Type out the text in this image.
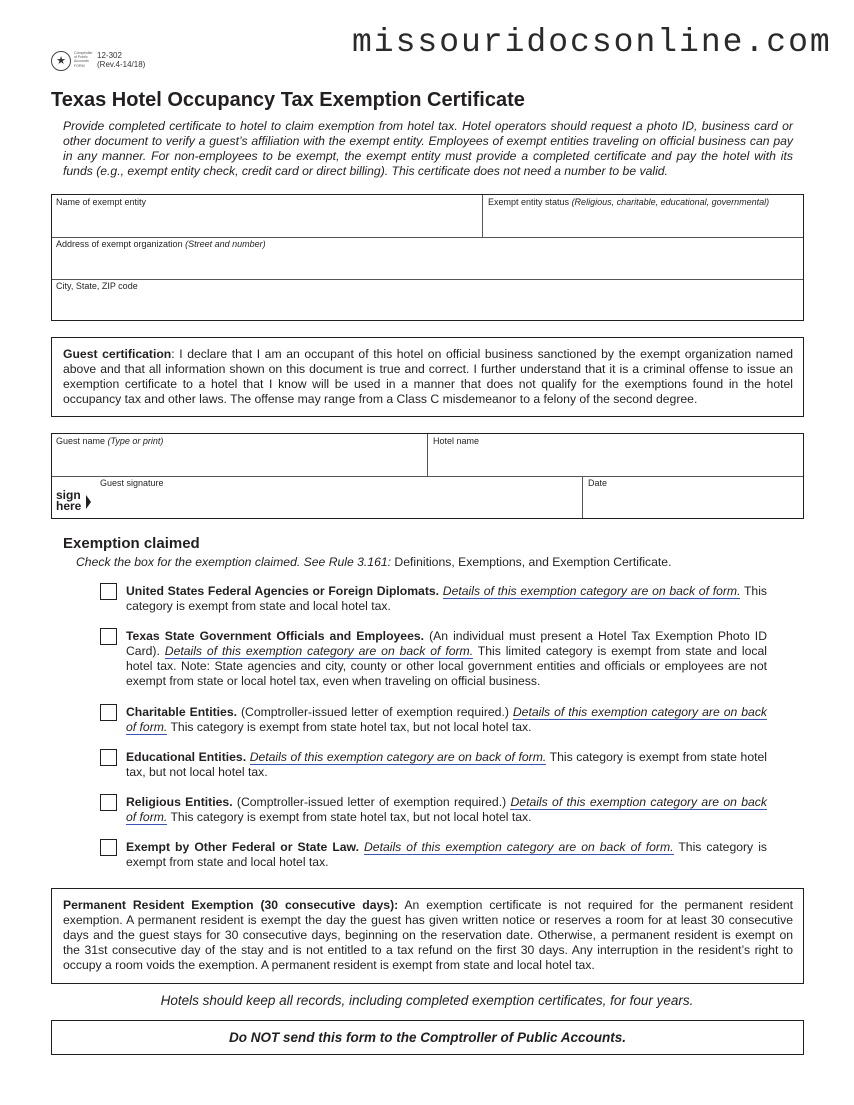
missouridocsonline.com
★
Comptroller of Public Accounts FORM
12-302
(Rev.4-14/18)
Texas Hotel Occupancy Tax Exemption Certificate

Provide completed certificate to hotel to claim exemption from hotel tax. Hotel operators should request a photo ID, business card or other document to verify a guest’s affiliation with the exempt entity. Employees of exempt entities traveling on official business can pay in any manner. For non-employees to be exempt, the exempt entity must provide a completed certificate and pay the hotel with its funds (e.g., exempt entity check, credit card or direct billing). This certificate does not need a number to be valid.

Name of exempt entity	Exempt entity status (Religious, charitable, educational, governmental)
Address of exempt organization (Street and number)
City, State, ZIP code
Guest certification: I declare that I am an occupant of this hotel on official business sanctioned by the exempt organization named above and that all information shown on this document is true and correct. I further understand that it is a criminal offense to issue an exemption certificate to a hotel that I know will be used in a manner that does not qualify for the exemptions found in the hotel occupancy tax and other laws. The offense may range from a Class C misdemeanor to a felony of the second degree.
Guest name (Type or print)	Hotel name
Guest signature
sign
here
Date
Exemption claimed
Check the box for the exemption claimed. See Rule 3.161: Definitions, Exemptions, and Exemption Certificate.
United States Federal Agencies or Foreign Diplomats. Details of this exemption category are on back of form. This category is exempt from state and local hotel tax.
Texas State Government Officials and Employees. (An individual must present a Hotel Tax Exemption Photo ID Card). Details of this exemption category are on back of form. This limited category is exempt from state and local hotel tax. Note: State agencies and city, county or other local government entities and officials or employees are not exempt from state or local hotel tax, even when traveling on official business.
Charitable Entities. (Comptroller-issued letter of exemption required.) Details of this exemption category are on back of form. This category is exempt from state hotel tax, but not local hotel tax.
Educational Entities. Details of this exemption category are on back of form. This category is exempt from state hotel tax, but not local hotel tax.
Religious Entities. (Comptroller-issued letter of exemption required.) Details of this exemption category are on back of form. This category is exempt from state hotel tax, but not local hotel tax.
Exempt by Other Federal or State Law. Details of this exemption category are on back of form. This category is exempt from state and local hotel tax.
Permanent Resident Exemption (30 consecutive days): An exemption certificate is not required for the permanent resident exemption. A permanent resident is exempt the day the guest has given written notice or reserves a room for at least 30 consecutive days and the guest stays for 30 consecutive days, beginning on the reservation date. Otherwise, a permanent resident is exempt on the 31st consecutive day of the stay and is not entitled to a tax refund on the first 30 days. Any interruption in the resident’s right to occupy a room voids the exemption. A permanent resident is exempt from state and local hotel tax.
Hotels should keep all records, including completed exemption certificates, for four years.
Do NOT send this form to the Comptroller of Public Accounts.
